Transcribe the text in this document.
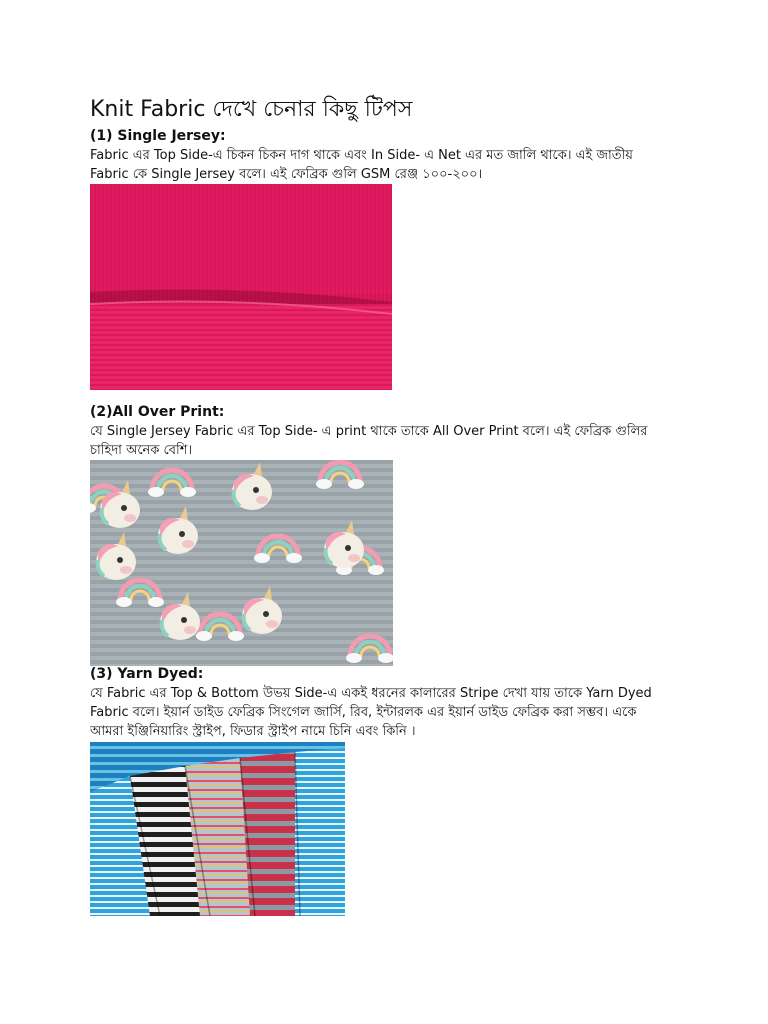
Knit Fabric দেখে চেনার কিছু টিপস
(1) Single Jersey:

Fabric এর Top Side-এ চিকন চিকন দাগ থাকে এবং In Side- এ Net এর মত জালি থাকে। এই জাতীয়
Fabric কে Single Jersey বলে। এই ফেব্রিক গুলি GSM রেঞ্জ ১০০-২০০।

(2)All Over Print:

যে Single Jersey Fabric এর Top Side- এ print থাকে তাকে All Over Print বলে। এই ফেব্রিক গুলির
চাহিদা অনেক বেশি।

(3) Yarn Dyed:

যে Fabric এর Top & Bottom উভয় Side-এ একই ধরনের কালারের Stripe দেখা যায় তাকে Yarn Dyed
Fabric বলে। ইয়ার্ন ডাইড ফেব্রিক সিংগেল জার্সি, রিব, ইন্টারলক এর ইয়ার্ন ডাইড ফেব্রিক করা সম্ভব। একে
আমরা ইঞ্জিনিয়ারিং স্ট্রাইপ, ফিডার স্ট্রাইপ নামে চিনি এবং কিনি ।
